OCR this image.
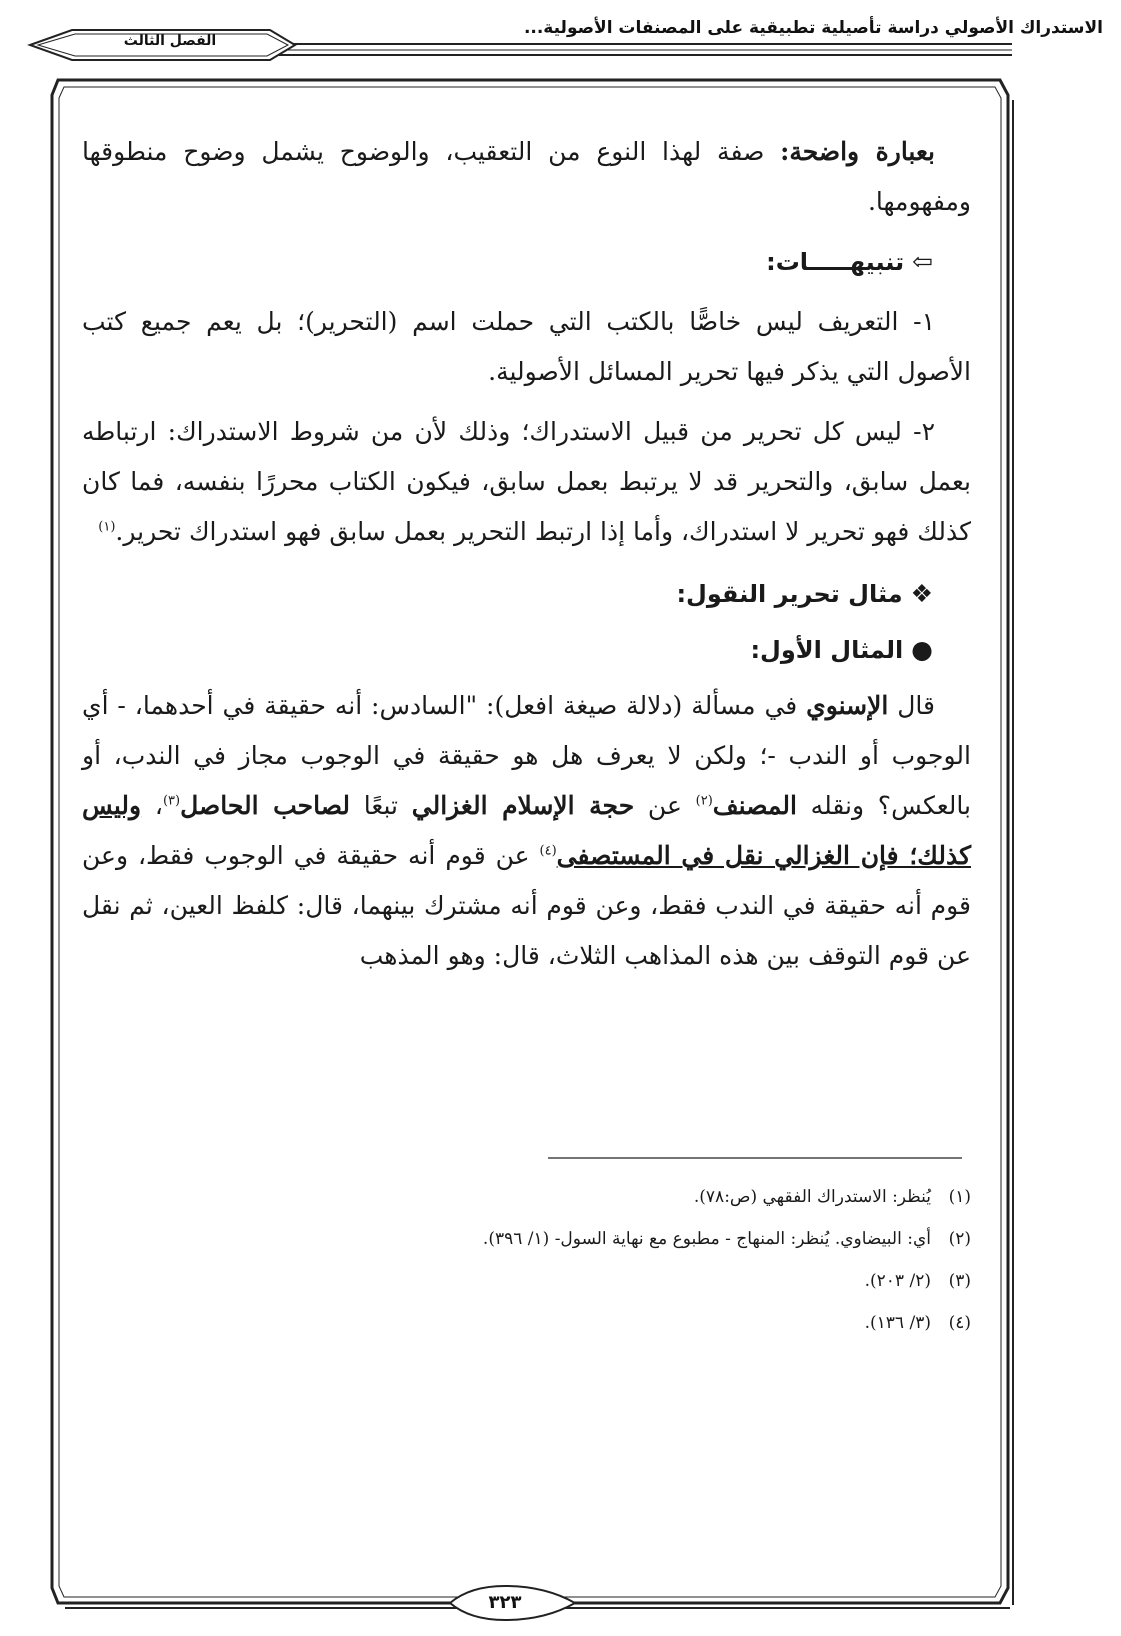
الاستدراك الأصولي دراسة تأصيلية تطبيقية على المصنفات الأصولية...
الفصل الثالث

بعبارة واضحة: صفة لهذا النوع من التعقيب، والوضوح يشمل وضوح منطوقها ومفهومها.

⇦ تنبيهـــــات:

١- التعريف ليس خاصًّا بالكتب التي حملت اسم (التحرير)؛ بل يعم جميع كتب الأصول التي يذكر فيها تحرير المسائل الأصولية.

٢- ليس كل تحرير من قبيل الاستدراك؛ وذلك لأن من شروط الاستدراك: ارتباطه بعمل سابق، والتحرير قد لا يرتبط بعمل سابق، فيكون الكتاب محررًا بنفسه، فما كان كذلك فهو تحرير لا استدراك، وأما إذا ارتبط التحرير بعمل سابق فهو استدراك تحرير.$^{(١)}$

❖ مثال تحرير النقول:

● المثال الأول:

قال الإسنوي في مسألة (دلالة صيغة افعل): "السادس: أنه حقيقة في أحدهما، - أي الوجوب أو الندب -؛ ولكن لا يعرف هل هو حقيقة في الوجوب مجاز في الندب، أو بالعكس؟ ونقله المصنف$^{(٢)}$ عن حجة الإسلام الغزالي تبعًا لصاحب الحاصل$^{(٣)}$، وليس كذلك؛ فإن الغزالي نقل في المستصفى$^{(٤)}$ عن قوم أنه حقيقة في الوجوب فقط، وعن قوم أنه حقيقة في الندب فقط، وعن قوم أنه مشترك بينهما، قال: كلفظ العين، ثم نقل عن قوم التوقف بين هذه المذاهب الثلاث، قال: وهو المذهب

(١)يُنظر: الاستدراك الفقهي (ص:٧٨).
(٢)أي: البيضاوي. يُنظر: المنهاج - مطبوع مع نهاية السول- (١/ ٣٩٦).
(٣)(٢/ ٢٠٣).
(٤)(٣/ ١٣٦).
٣٢٣
